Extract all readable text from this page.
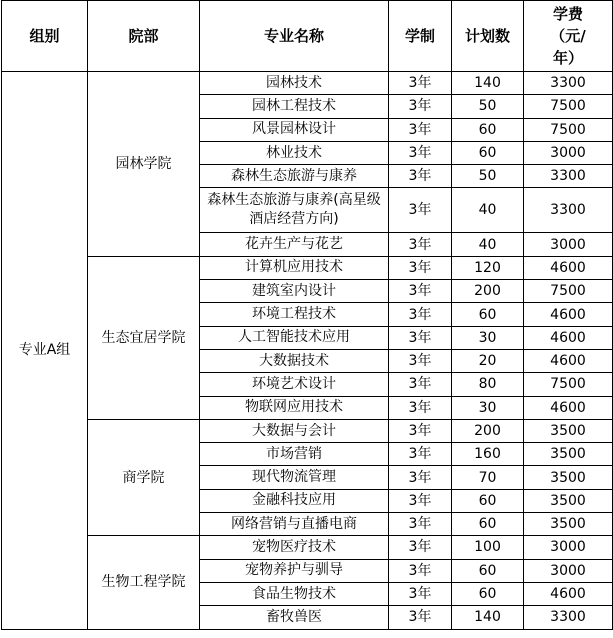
组别	院部	专业名称	学制	计划数	学费
（元/
年）

专业A组	园林学院	园林技术	3年	140	3300
		园林工程技术	3年	50	7500
		风景园林设计	3年	60	7500
		林业技术	3年	60	3000
		森林生态旅游与康养	3年	50	3300
		森林生态旅游与康养(高星级酒店经营方向)	3年	40	3300
		花卉生产与花艺	3年	40	3000
	生态宜居学院	计算机应用技术	3年	120	4600
		建筑室内设计	3年	200	7500
		环境工程技术	3年	60	4600
		人工智能技术应用	3年	30	4600
		大数据技术	3年	20	4600
		环境艺术设计	3年	80	7500
		物联网应用技术	3年	30	4600
	商学院	大数据与会计	3年	200	3500
		市场营销	3年	160	3500
		现代物流管理	3年	70	3500
		金融科技应用	3年	60	3500
		网络营销与直播电商	3年	60	3500
	生物工程学院	宠物医疗技术	3年	100	3000
		宠物养护与驯导	3年	60	3000
		食品生物技术	3年	60	4600
		畜牧兽医	3年	140	3300
